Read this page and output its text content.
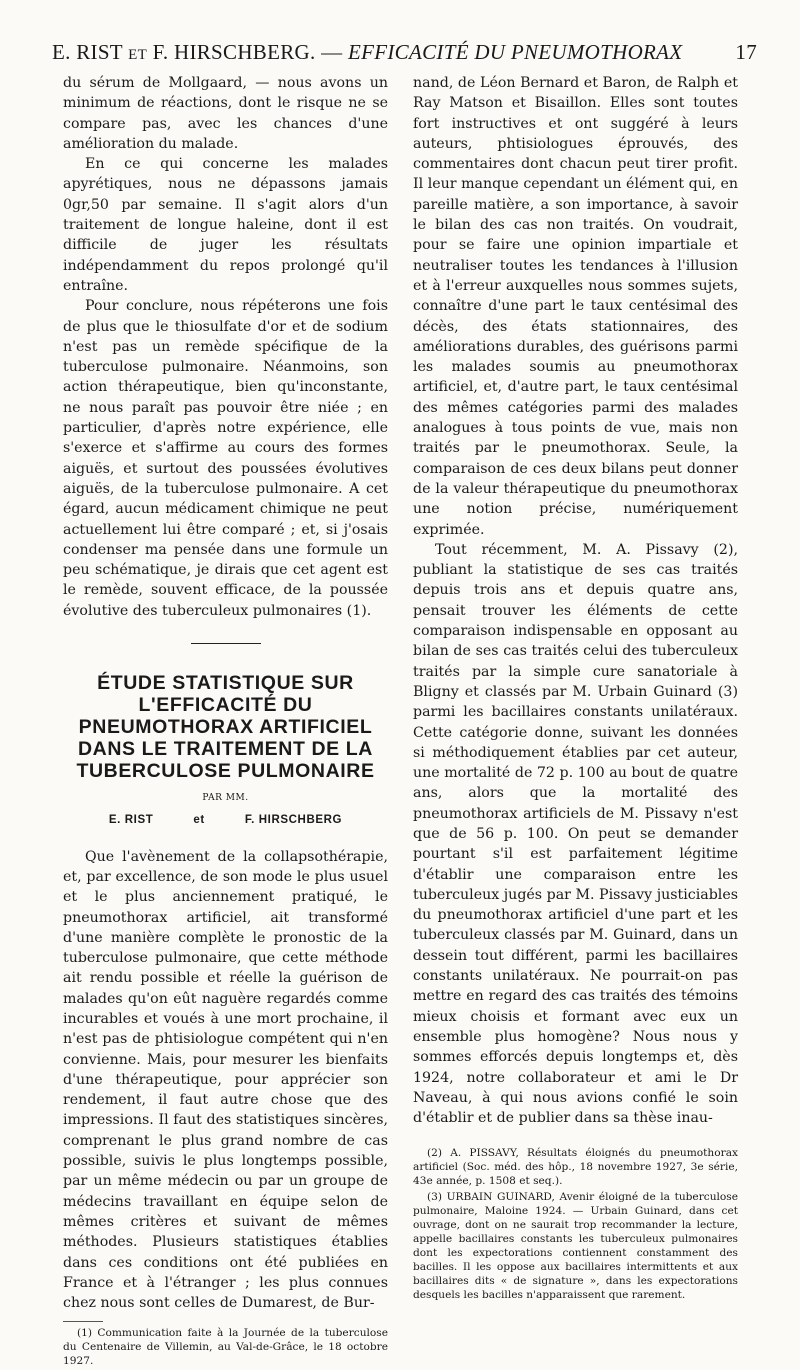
E. RIST et F. HIRSCHBERG. — EFFICACITÉ DU PNEUMOTHORAX	17

du sérum de Mollgaard, — nous avons un minimum de réactions, dont le risque ne se compare pas, avec les chances d'une amélioration du malade.

En ce qui concerne les malades apyrétiques, nous ne dépassons jamais 0gr,50 par semaine. Il s'agit alors d'un traitement de longue haleine, dont il est difficile de juger les résultats indépendamment du repos prolongé qu'il entraîne.

Pour conclure, nous répéterons une fois de plus que le thiosulfate d'or et de sodium n'est pas un remède spécifique de la tuberculose pulmonaire. Néanmoins, son action thérapeutique, bien qu'inconstante, ne nous paraît pas pouvoir être niée ; en particulier, d'après notre expérience, elle s'exerce et s'affirme au cours des formes aiguës, et surtout des poussées évolutives aiguës, de la tuberculose pulmonaire. A cet égard, aucun médicament chimique ne peut actuellement lui être comparé ; et, si j'osais condenser ma pensée dans une formule un peu schématique, je dirais que cet agent est le remède, souvent efficace, de la poussée évolutive des tuberculeux pulmonaires (1).

ÉTUDE STATISTIQUE SUR L'EFFICACITÉ DU PNEUMOTHORAX ARTIFICIEL DANS LE TRAITEMENT DE LA TUBERCULOSE PULMONAIRE

PAR MM.

E. RIST	et	F. HIRSCHBERG

Que l'avènement de la collapsothérapie, et, par excellence, de son mode le plus usuel et le plus anciennement pratiqué, le pneumothorax artificiel, ait transformé d'une manière complète le pronostic de la tuberculose pulmonaire, que cette méthode ait rendu possible et réelle la guérison de malades qu'on eût naguère regardés comme incurables et voués à une mort prochaine, il n'est pas de phtisiologue compétent qui n'en convienne. Mais, pour mesurer les bienfaits d'une thérapeutique, pour apprécier son rendement, il faut autre chose que des impressions. Il faut des statistiques sincères, comprenant le plus grand nombre de cas possible, suivis le plus longtemps possible, par un même médecin ou par un groupe de médecins travaillant en équipe selon de mêmes critères et suivant de mêmes méthodes. Plusieurs statistiques établies dans ces conditions ont été publiées en France et à l'étranger ; les plus connues chez nous sont celles de Dumarest, de Bur-

(1) Communication faite à la Journée de la tuberculose du Centenaire de Villemin, au Val-de-Grâce, le 18 octobre 1927.

nand, de Léon Bernard et Baron, de Ralph et Ray Matson et Bisaillon. Elles sont toutes fort instructives et ont suggéré à leurs auteurs, phtisiologues éprouvés, des commentaires dont chacun peut tirer profit. Il leur manque cependant un élément qui, en pareille matière, a son importance, à savoir le bilan des cas non traités. On voudrait, pour se faire une opinion impartiale et neutraliser toutes les tendances à l'illusion et à l'erreur auxquelles nous sommes sujets, connaître d'une part le taux centésimal des décès, des états stationnaires, des améliorations durables, des guérisons parmi les malades soumis au pneumothorax artificiel, et, d'autre part, le taux centésimal des mêmes catégories parmi des malades analogues à tous points de vue, mais non traités par le pneumothorax. Seule, la comparaison de ces deux bilans peut donner de la valeur thérapeutique du pneumothorax une notion précise, numériquement exprimée.

Tout récemment, M. A. Pissavy (2), publiant la statistique de ses cas traités depuis trois ans et depuis quatre ans, pensait trouver les éléments de cette comparaison indispensable en opposant au bilan de ses cas traités celui des tuberculeux traités par la simple cure sanatoriale à Bligny et classés par M. Urbain Guinard (3) parmi les bacillaires constants unilatéraux. Cette catégorie donne, suivant les données si méthodiquement établies par cet auteur, une mortalité de 72 p. 100 au bout de quatre ans, alors que la mortalité des pneumothorax artificiels de M. Pissavy n'est que de 56 p. 100. On peut se demander pourtant s'il est parfaitement légitime d'établir une comparaison entre les tuberculeux jugés par M. Pissavy justiciables du pneumothorax artificiel d'une part et les tuberculeux classés par M. Guinard, dans un dessein tout différent, parmi les bacillaires constants unilatéraux. Ne pourrait-on pas mettre en regard des cas traités des témoins mieux choisis et formant avec eux un ensemble plus homogène? Nous nous y sommes efforcés depuis longtemps et, dès 1924, notre collaborateur et ami le Dr Naveau, à qui nous avions confié le soin d'établir et de publier dans sa thèse inau-

(2) A. PISSAVY, Résultats éloignés du pneumothorax artificiel (Soc. méd. des hôp., 18 novembre 1927, 3e série, 43e année, p. 1508 et seq.).

(3) URBAIN GUINARD, Avenir éloigné de la tuberculose pulmonaire, Maloine 1924. — Urbain Guinard, dans cet ouvrage, dont on ne saurait trop recommander la lecture, appelle bacillaires constants les tuberculeux pulmonaires dont les expectorations contiennent constamment des bacilles. Il les oppose aux bacillaires intermittents et aux bacillaires dits « de signature », dans les expectorations desquels les bacilles n'apparaissent que rarement.
